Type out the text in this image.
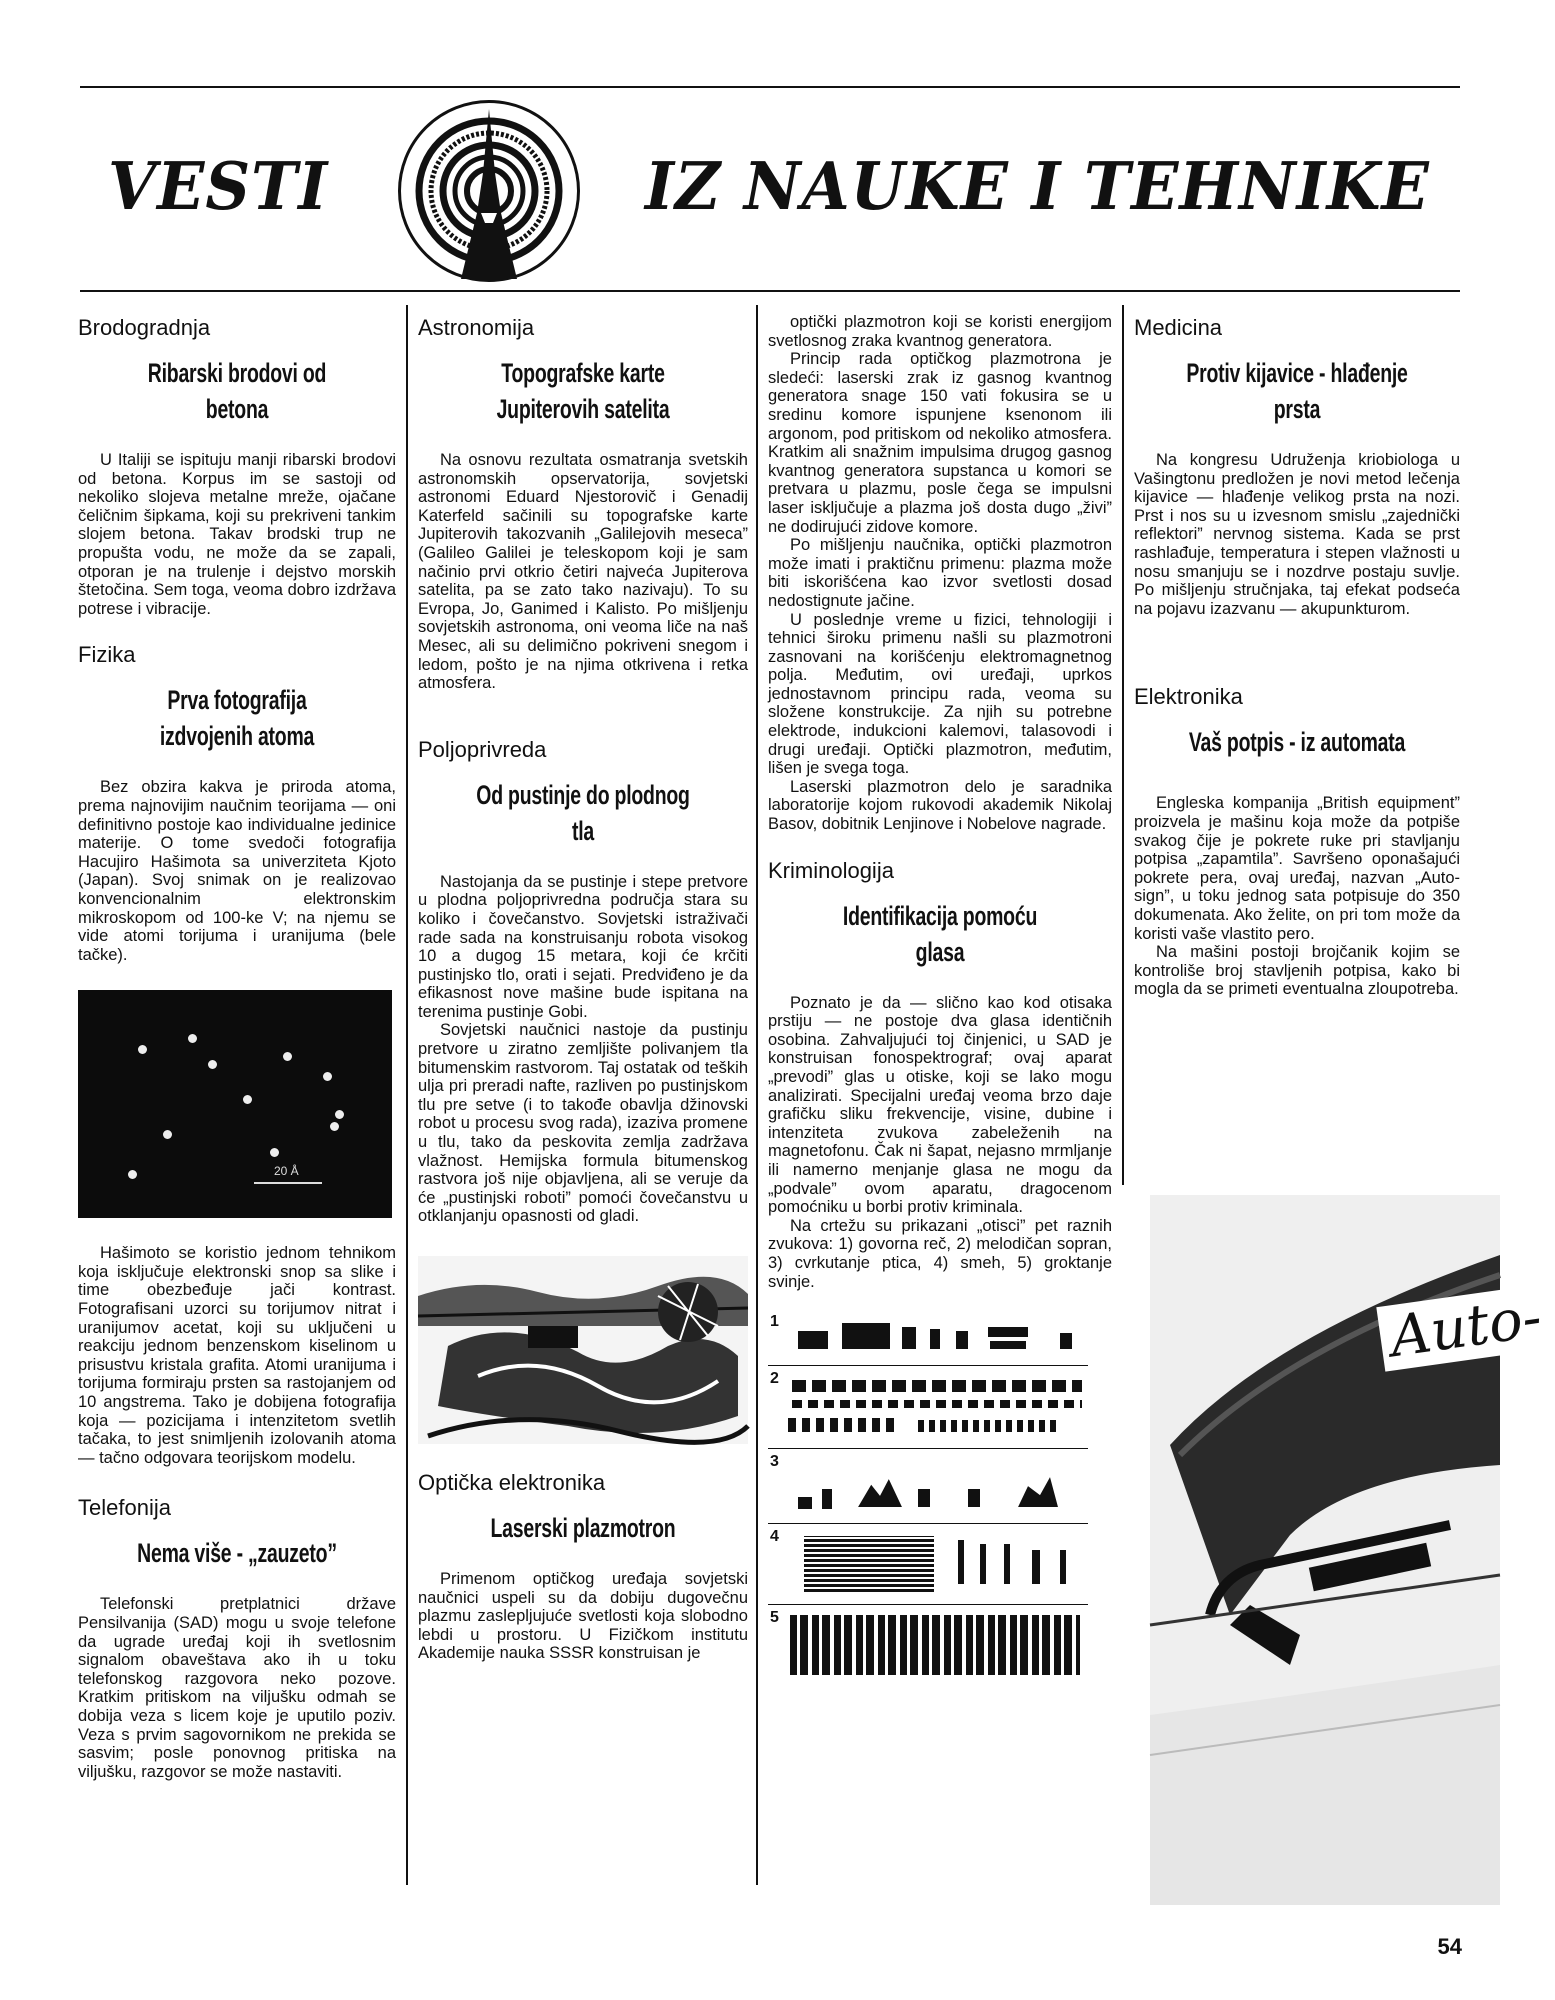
VESTI	IZ NAUKE I TEHNIKE
Brodogradnja
Ribarski brodovi od betona

U Italiji se ispituju manji ribarski brodovi od betona. Korpus im se sastoji od nekoliko slojeva metalne mreže, ojačane čeličnim šipkama, koji su prekriveni tankim slojem betona. Takav brodski trup ne propušta vodu, ne može da se zapali, otporan je na trulenje i dejstvo morskih štetočina. Sem toga, veoma dobro izdržava potrese i vibracije.

Fizika
Prva fotografija izdvojenih atoma

Bez obzira kakva je priroda atoma, prema najnovijim naučnim teorijama — oni definitivno postoje kao individualne jedinice materije. O tome svedoči fotografija Hacujiro Hašimota sa univerziteta Kjoto (Japan). Svoj snimak on je realizovao konvencionalnim elektronskim mikroskopom od 100-ke V; na njemu se vide atomi torijuma i uranijuma (bele tačke).

20 Å

Hašimoto se koristio jednom tehnikom koja isključuje elektronski snop sa slike i time obezbeđuje jači kontrast. Fotografisani uzorci su torijumov nitrat i uranijumov acetat, koji su uključeni u reakciju jednom benzenskom kiselinom u prisustvu kristala grafita. Atomi uranijuma i torijuma formiraju prsten sa rastojanjem od 10 angstrema. Tako je dobijena fotografija koja — pozicijama i intenzitetom svetlih tačaka, to jest snimljenih izolovanih atoma — tačno odgovara teorijskom modelu.

Telefonija
Nema više - „zauzeto”

Telefonski pretplatnici države Pensilvanija (SAD) mogu u svoje telefone da ugrade uređaj koji ih svetlosnim signalom obaveštava ako ih u toku telefonskog razgovora neko pozove. Kratkim pritiskom na viljušku odmah se dobija veza s licem koje je uputilo poziv. Veza s prvim sagovornikom ne prekida se sasvim; posle ponovnog pritiska na viljušku, razgovor se može nastaviti.

Astronomija
Topografske karte Jupiterovih satelita

Na osnovu rezultata osmatranja svetskih astronomskih opservatorija, sovjetski astronomi Eduard Njestorovič i Genadij Katerfeld sačinili su topografske karte Jupiterovih takozvanih „Galilejovih meseca” (Galileo Galilei je teleskopom koji je sam načinio prvi otkrio četiri najveća Jupiterova satelita, pa se zato tako nazivaju). To su Evropa, Jo, Ganimed i Kalisto. Po mišljenju sovjetskih astronoma, oni veoma liče na naš Mesec, ali su delimično pokriveni snegom i ledom, pošto je na njima otkrivena i retka atmosfera.

Poljoprivreda
Od pustinje do plodnog tla

Nastojanja da se pustinje i stepe pretvore u plodna poljoprivredna područja stara su koliko i čovečanstvo. Sovjetski istraživači rade sada na konstruisanju robota visokog 10 a dugog 15 metara, koji će krčiti pustinjsko tlo, orati i sejati. Predviđeno je da efikasnost nove mašine bude ispitana na terenima pustinje Gobi.

Sovjetski naučnici nastoje da pustinju pretvore u ziratno zemljište polivanjem tla bitumenskim rastvorom. Taj ostatak od teških ulja pri preradi nafte, razliven po pustinjskom tlu pre setve (i to takođe obavlja džinovski robot u procesu svog rada), izaziva promene u tlu, tako da peskovita zemlja zadržava vlažnost. Hemijska formula bitumenskog rastvora još nije objavljena, ali se veruje da će „pustinjski roboti” pomoći čovečanstvu u otklanjanju opasnosti od gladi.

Optička elektronika
Laserski plazmotron

Primenom optičkog uređaja sovjetski naučnici uspeli su da dobiju dugovečnu plazmu zaslepljujuće svetlosti koja slobodno lebdi u prostoru. U Fizičkom institutu Akademije nauka SSSR konstruisan je

optički plazmotron koji se koristi energijom svetlosnog zraka kvantnog generatora.

Princip rada optičkog plazmotrona je sledeći: laserski zrak iz gasnog kvantnog generatora snage 150 vati fokusira se u sredinu komore ispunjene ksenonom ili argonom, pod pritiskom od nekoliko atmosfera. Kratkim ali snažnim impulsima drugog gasnog kvantnog generatora supstanca u komori se pretvara u plazmu, posle čega se impulsni laser isključuje a plazma još dosta dugo „živi” ne dodirujući zidove komore.

Po mišljenju naučnika, optički plazmotron može imati i praktičnu primenu: plazma može biti iskorišćena kao izvor svetlosti dosad nedostignute jačine.

U poslednje vreme u fizici, tehnologiji i tehnici široku primenu našli su plazmotroni zasnovani na korišćenju elektromagnetnog polja. Međutim, ovi uređaji, uprkos jednostavnom principu rada, veoma su složene konstrukcije. Za njih su potrebne elektrode, indukcioni kalemovi, talasovodi i drugi uređaji. Optički plazmotron, međutim, lišen je svega toga.

Laserski plazmotron delo je saradnika laboratorije kojom rukovodi akademik Nikolaj Basov, dobitnik Lenjinove i Nobelove nagrade.

Kriminologija
Identifikacija pomoću glasa

Poznato je da — slično kao kod otisaka prstiju — ne postoje dva glasa identičnih osobina. Zahvaljujući toj činjenici, u SAD je konstruisan fonospektrograf; ovaj aparat „prevodi” glas u otiske, koji se lako mogu analizirati. Specijalni uređaj veoma brzo daje grafičku sliku frekvencije, visine, dubine i intenziteta zvukova zabeleženih na magnetofonu. Čak ni šapat, nejasno mrmljanje ili namerno menjanje glasa ne mogu da „podvale” ovom aparatu, dragocenom pomoćniku u borbi protiv kriminala.

Na crtežu su prikazani „otisci” pet raznih zvukova: 1) govorna reč, 2) melodičan sopran, 3) cvrkutanje ptica, 4) smeh, 5) groktanje svinje.

1
2
3
4
5
Medicina
Protiv kijavice - hlađenje prsta

Na kongresu Udruženja kriobiologa u Vašingtonu predložen je novi metod lečenja kijavice — hlađenje velikog prsta na nozi. Prst i nos su u izvesnom smislu „zajednički reflektori” nervnog sistema. Kada se prst rashlađuje, temperatura i stepen vlažnosti u nosu smanjuju se i nozdrve postaju suvlje. Po mišljenju stručnjaka, taj efekat podseća na pojavu izazvanu — akupunkturom.

Elektronika
Vaš potpis - iz automata

Engleska kompanija „British equipment” proizvela je mašinu koja može da potpiše svakog čije je pokrete ruke pri stavljanju potpisa „zapamtila”. Savršeno oponašajući pokrete pera, ovaj uređaj, nazvan „Auto-sign”, u toku jednog sata potpisuje do 350 dokumenata. Ako želite, on pri tom može da koristi vaše vlastito pero.

Na mašini postoji brojčanik kojim se kontroliše broj stavljenih potpisa, kako bi mogla da se primeti eventualna zloupotreba.

Auto-
54
